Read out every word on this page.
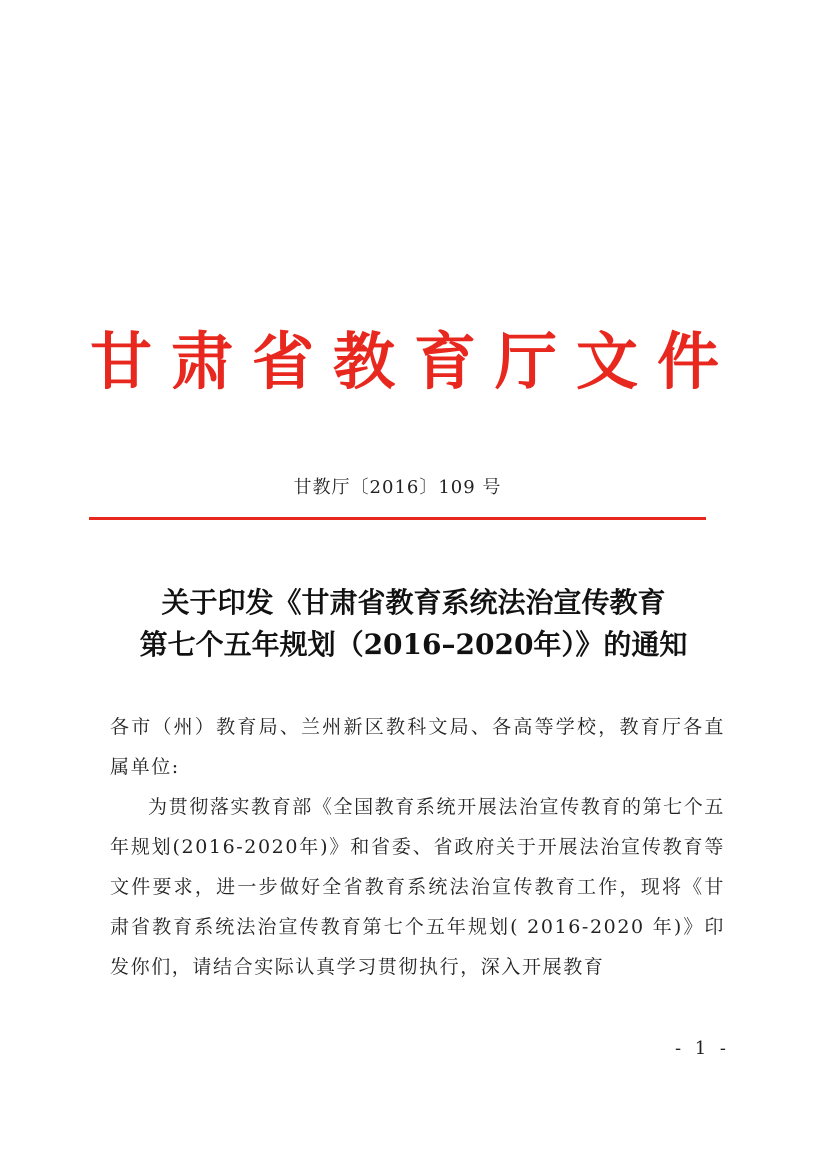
甘肃省教育厅文件
甘教厅〔2016〕109 号
关于印发《甘肃省教育系统法治宣传教育
第七个五年规划（2016–2020年）》的通知

各市（州）教育局、兰州新区教科文局、各高等学校，教育厅各直属单位:

为贯彻落实教育部《全国教育系统开展法治宣传教育的第七个五年规划(2016-2020年)》和省委、省政府关于开展法治宣传教育等文件要求，进一步做好全省教育系统法治宣传教育工作，现将《甘肃省教育系统法治宣传教育第七个五年规划( 2016-2020 年)》印发你们，请结合实际认真学习贯彻执行，深入开展教育

- 1 -
